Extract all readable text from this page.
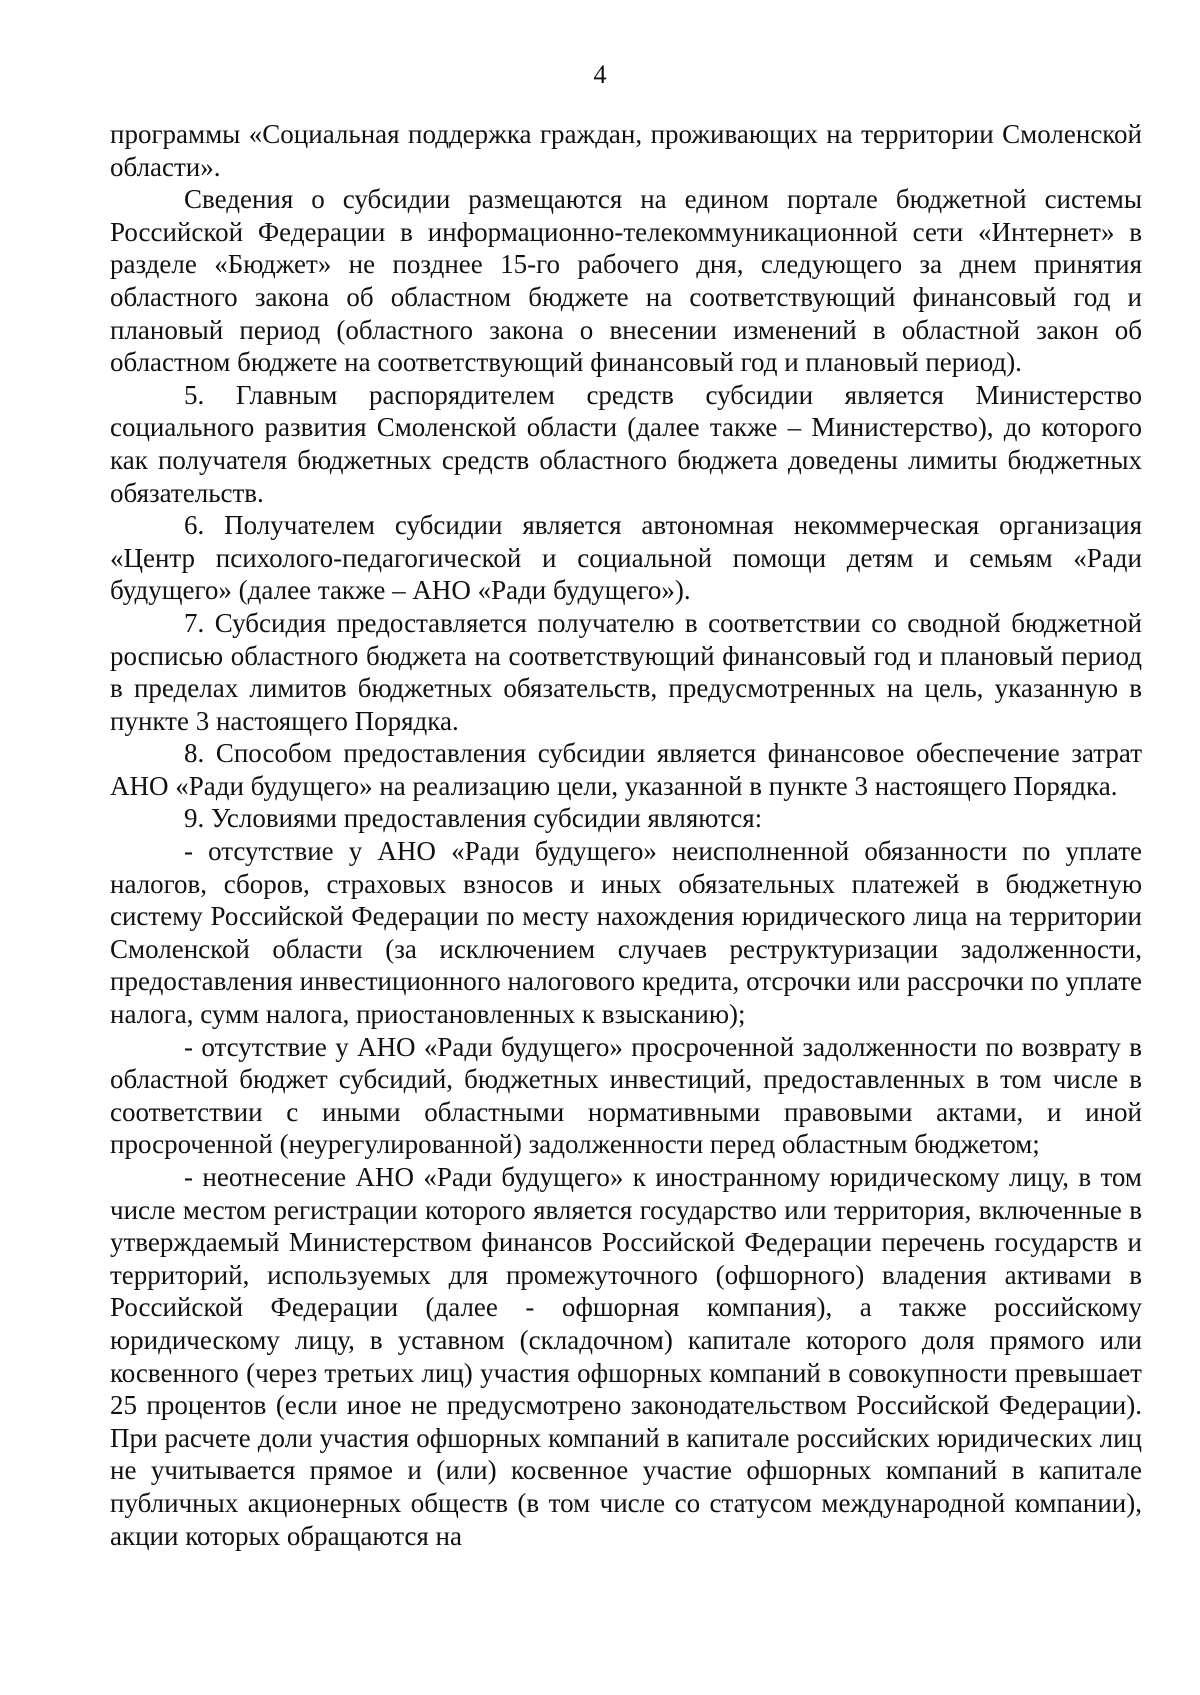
4

программы «Социальная поддержка граждан, проживающих на территории Смоленской области».

Сведения о субсидии размещаются на едином портале бюджетной системы Российской Федерации в информационно-телекоммуникационной сети «Интернет» в разделе «Бюджет» не позднее 15-го рабочего дня, следующего за днем принятия областного закона об областном бюджете на соответствующий финансовый год и плановый период (областного закона о внесении изменений в областной закон об областном бюджете на соответствующий финансовый год и плановый период).

5. Главным распорядителем средств субсидии является Министерство социального развития Смоленской области (далее также – Министерство), до которого как получателя бюджетных средств областного бюджета доведены лимиты бюджетных обязательств.

6. Получателем субсидии является автономная некоммерческая организация «Центр психолого-педагогической и социальной помощи детям и семьям «Ради будущего» (далее также – АНО «Ради будущего»).

7. Субсидия предоставляется получателю в соответствии со сводной бюджетной росписью областного бюджета на соответствующий финансовый год и плановый период в пределах лимитов бюджетных обязательств, предусмотренных на цель, указанную в пункте 3 настоящего Порядка.

8. Способом предоставления субсидии является финансовое обеспечение затрат АНО «Ради будущего» на реализацию цели, указанной в пункте 3 настоящего Порядка.

9. Условиями предоставления субсидии являются:

- отсутствие у АНО «Ради будущего» неисполненной обязанности по уплате налогов, сборов, страховых взносов и иных обязательных платежей в бюджетную систему Российской Федерации по месту нахождения юридического лица на территории Смоленской области (за исключением случаев реструктуризации задолженности, предоставления инвестиционного налогового кредита, отсрочки или рассрочки по уплате налога, сумм налога, приостановленных к взысканию);

- отсутствие у АНО «Ради будущего» просроченной задолженности по возврату в областной бюджет субсидий, бюджетных инвестиций, предоставленных в том числе в соответствии с иными областными нормативными правовыми актами, и иной просроченной (неурегулированной) задолженности перед областным бюджетом;

- неотнесение АНО «Ради будущего» к иностранному юридическому лицу, в том числе местом регистрации которого является государство или территория, включенные в утверждаемый Министерством финансов Российской Федерации перечень государств и территорий, используемых для промежуточного (офшорного) владения активами в Российской Федерации (далее - офшорная компания), а также российскому юридическому лицу, в уставном (складочном) капитале которого доля прямого или косвенного (через третьих лиц) участия офшорных компаний в совокупности превышает 25 процентов (если иное не предусмотрено законодательством Российской Федерации). При расчете доли участия офшорных компаний в капитале российских юридических лиц не учитывается прямое и (или) косвенное участие офшорных компаний в капитале публичных акционерных обществ (в том числе со статусом международной компании), акции которых обращаются на
